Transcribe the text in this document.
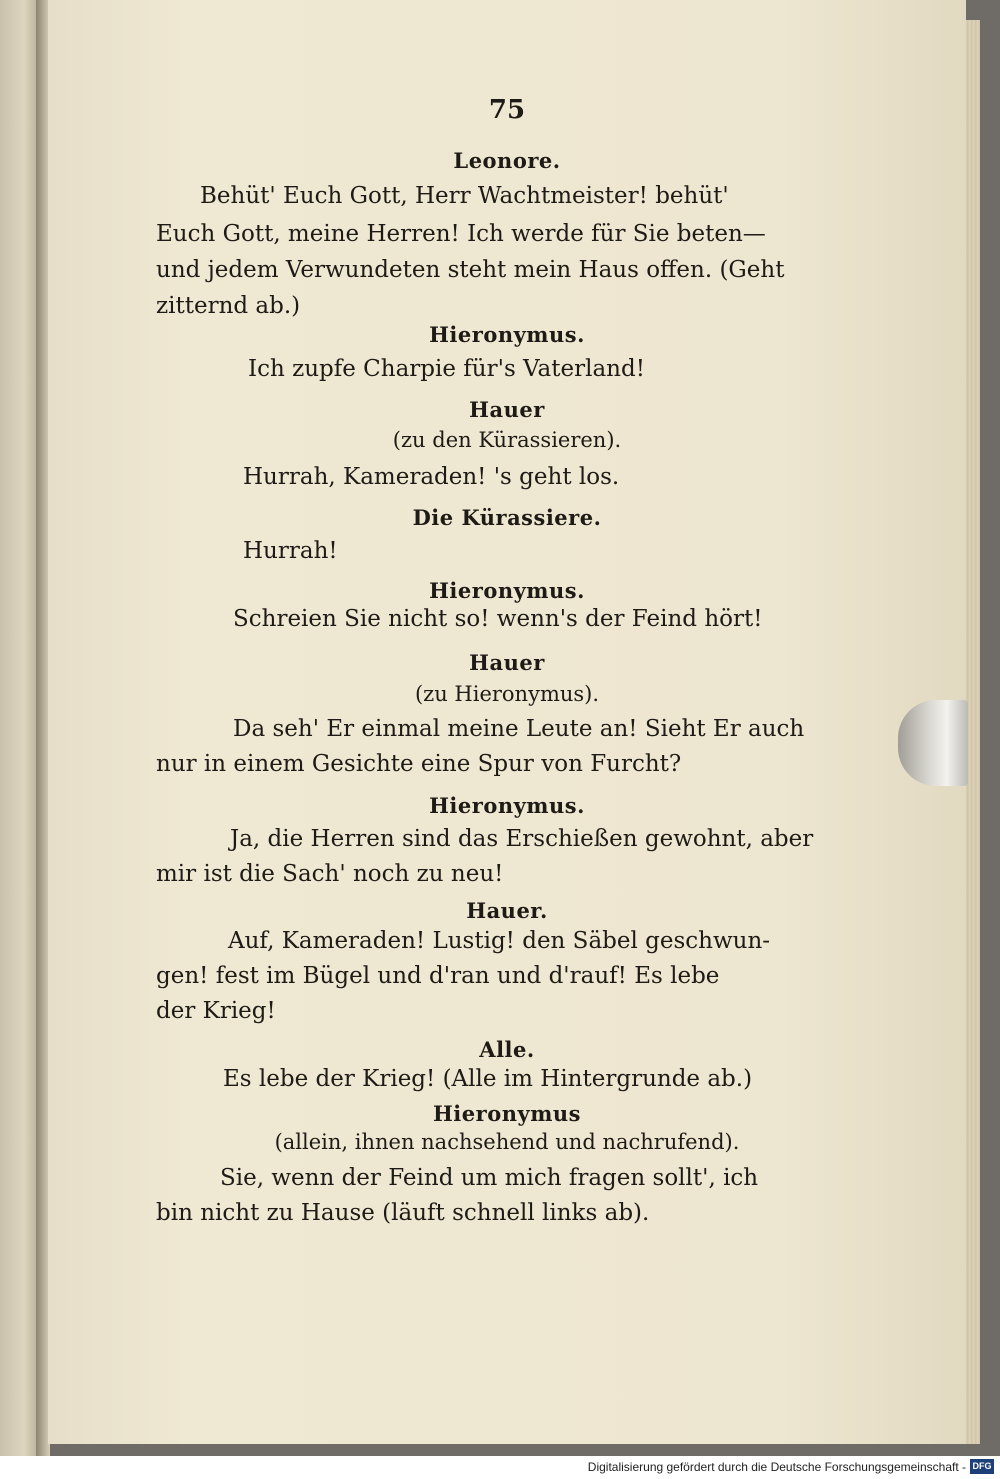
75
Leonore.
Behüt' Euch Gott, Herr Wachtmeister! behüt'
Euch Gott, meine Herren! Ich werde für Sie beten—
und jedem Verwundeten steht mein Haus offen. (Geht
zitternd ab.)
Hieronymus.
Ich zupfe Charpie für's Vaterland!
Hauer
(zu den Kürassieren).
Hurrah, Kameraden! 's geht los.
Die Kürassiere.
Hurrah!
Hieronymus.
Schreien Sie nicht so! wenn's der Feind hört!
Hauer
(zu Hieronymus).
Da seh' Er einmal meine Leute an! Sieht Er auch
nur in einem Gesichte eine Spur von Furcht?
Hieronymus.
Ja, die Herren sind das Erschießen gewohnt, aber
mir ist die Sach' noch zu neu!
Hauer.
Auf, Kameraden! Lustig! den Säbel geschwun-
gen! fest im Bügel und d'ran und d'rauf! Es lebe
der Krieg!
Alle.
Es lebe der Krieg! (Alle im Hintergrunde ab.)
Hieronymus
(allein, ihnen nachsehend und nachrufend).
Sie, wenn der Feind um mich fragen sollt', ich
bin nicht zu Hause (läuft schnell links ab).
Digitalisierung gefördert durch die Deutsche Forschungsgemeinschaft - DFG
